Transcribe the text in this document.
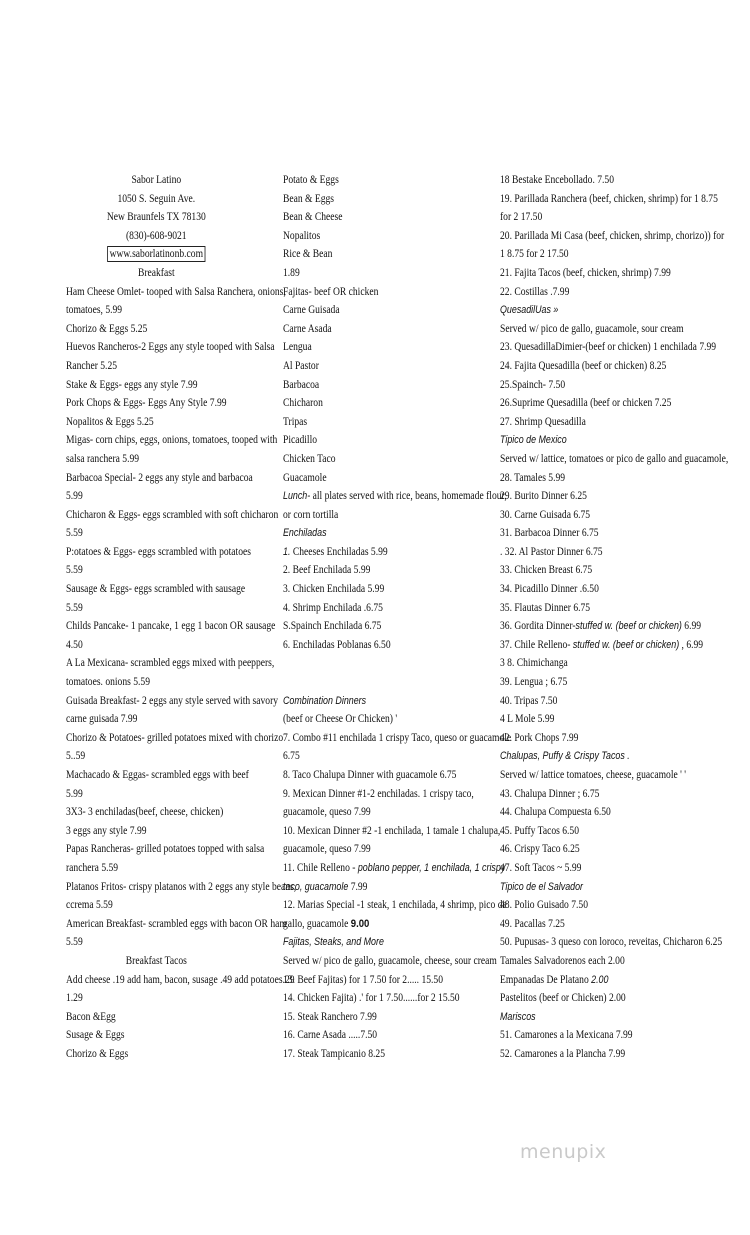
Sabor Latino
1050 S. Seguin Ave.
New Braunfels TX 78130
(830)-608-9021
www.saborlatinonb.com
Breakfast
Ham Cheese Omlet- tooped with Salsa Ranchera, onions,
tomatoes, 5.99
Chorizo & Eggs 5.25
Huevos Rancheros-2 Eggs any style tooped with Salsa
Rancher 5.25
Stake & Eggs- eggs any style 7.99
Pork Chops & Eggs- Eggs Any Style 7.99
Nopalitos & Eggs 5.25
Migas- corn chips, eggs, onions, tomatoes, tooped with
salsa ranchera 5.99
Barbacoa Special- 2 eggs any style and barbacoa
5.99
Chicharon & Eggs- eggs scrambled with soft chicharon
5.59
P:otatoes & Eggs- eggs scrambled with potatoes
5.59
Sausage & Eggs- eggs scrambled with sausage
5.59
Childs Pancake- 1 pancake, 1 egg 1 bacon OR sausage
4.50
A La Mexicana- scrambled eggs mixed with peeppers,
tomatoes. onions 5.59
Guisada Breakfast- 2 eggs any style served with savory
carne guisada 7.99
Chorizo & Potatoes- grilled potatoes mixed with chorizo
5..59
Machacado & Eggas- scrambled eggs with beef
5.99
3X3- 3 enchiladas(beef, cheese, chicken)
3 eggs any style 7.99
Papas Rancheras- grilled potatoes topped with salsa
ranchera 5.59
Platanos Fritos- crispy platanos with 2 eggs any style beans,
ccrema 5.59
American Breakfast- scrambled eggs with bacon OR ham
5.59
Breakfast Tacos
Add cheese .19 add ham, bacon, susage .49 add potatoes.29
1.29
Bacon &Egg
Susage & Eggs
Chorizo & Eggs
Potato & Eggs
Bean & Eggs
Bean & Cheese
Nopalitos
Rice & Bean
1.89
Fajitas- beef OR chicken
Carne Guisada
Carne Asada
Lengua
Al Pastor
Barbacoa
Chicharon
Tripas
Picadillo
Chicken Taco
Guacamole
Lunch- all plates served with rice, beans, homemade flour,
or corn tortilla
Enchiladas
1. Cheeses Enchiladas 5.99
2. Beef Enchilada 5.99
3. Chicken Enchilada 5.99
4. Shrimp Enchilada .6.75
S.Spainch Enchilada 6.75
6. Enchiladas Poblanas 6.50
Combination Dinners
(beef or Cheese Or Chicken) '
7. Combo #11 enchilada 1 crispy Taco, queso or guacamole
6.75
8. Taco Chalupa Dinner with guacamole 6.75
9. Mexican Dinner #1-2 enchiladas. 1 crispy taco,
guacamole, queso 7.99
10. Mexican Dinner #2 -1 enchilada, 1 tamale 1 chalupa,
guacamole, queso 7.99
11. Chile Relleno - poblano pepper, 1 enchilada, 1 crispy
taco, guacamole 7.99
12. Marias Special -1 steak, 1 enchilada, 4 shrimp, pico de
gallo, guacamole 9.00
Fajitas, Steaks, and More
Served w/ pico de gallo, guacamole, cheese, sour cream
13. Beef Fajitas) for 1 7.50 for 2..... 15.50
14. Chicken Fajita) .' for 1 7.50......for 2 15.50
15. Steak Ranchero 7.99
16. Carne Asada .....7.50
17. Steak Tampicanio 8.25
18 Bestake Encebollado. 7.50
19. Parillada Ranchera (beef, chicken, shrimp) for 1 8.75
for 2 17.50
20. Parillada Mi Casa (beef, chicken, shrimp, chorizo)) for
1 8.75 for 2 17.50
21. Fajita Tacos (beef, chicken, shrimp) 7.99
22. Costillas .7.99
QuesadilUas »
Served w/ pico de gallo, guacamole, sour cream
23. QuesadillaDimier-(beef or chicken) 1 enchilada 7.99
24. Fajita Quesadilla (beef or chicken) 8.25
25.Spainch- 7.50
26.Suprime Quesadilla (beef or chicken 7.25
27. Shrimp Quesadilla
Tipico de Mexico
Served w/ lattice, tomatoes or pico de gallo and guacamole,
28. Tamales 5.99
29. Burito Dinner 6.25
30. Carne Guisada 6.75
31. Barbacoa Dinner 6.75
. 32. Al Pastor Dinner 6.75
33. Chicken Breast 6.75
34. Picadillo Dinner .6.50
35. Flautas Dinner 6.75
36. Gordita Dinner-stuffed w. (beef or chicken) 6.99
37. Chile Relleno- stuffed w. (beef or chicken) , 6.99
3 8. Chimichanga
39. Lengua ; 6.75
40. Tripas 7.50
4 L Mole 5.99
42. Pork Chops 7.99
Chalupas, Puffy & Crispy Tacos .
Served w/ lattice tomatoes, cheese, guacamole ' '
43. Chalupa Dinner ; 6.75
44. Chalupa Compuesta 6.50
45. Puffy Tacos 6.50
46. Crispy Taco 6.25
47. Soft Tacos ~ 5.99
Tipico de el Salvador
48. Polio Guisado 7.50
49. Pacallas 7.25
50. Pupusas- 3 queso con loroco, reveitas, Chicharon 6.25
Tamales Salvadorenos each 2.00
Empanadas De Platano 2.00
Pastelitos (beef or Chicken) 2.00
Mariscos
51. Camarones a la Mexicana 7.99
52. Camarones a la Plancha 7.99
menupix
